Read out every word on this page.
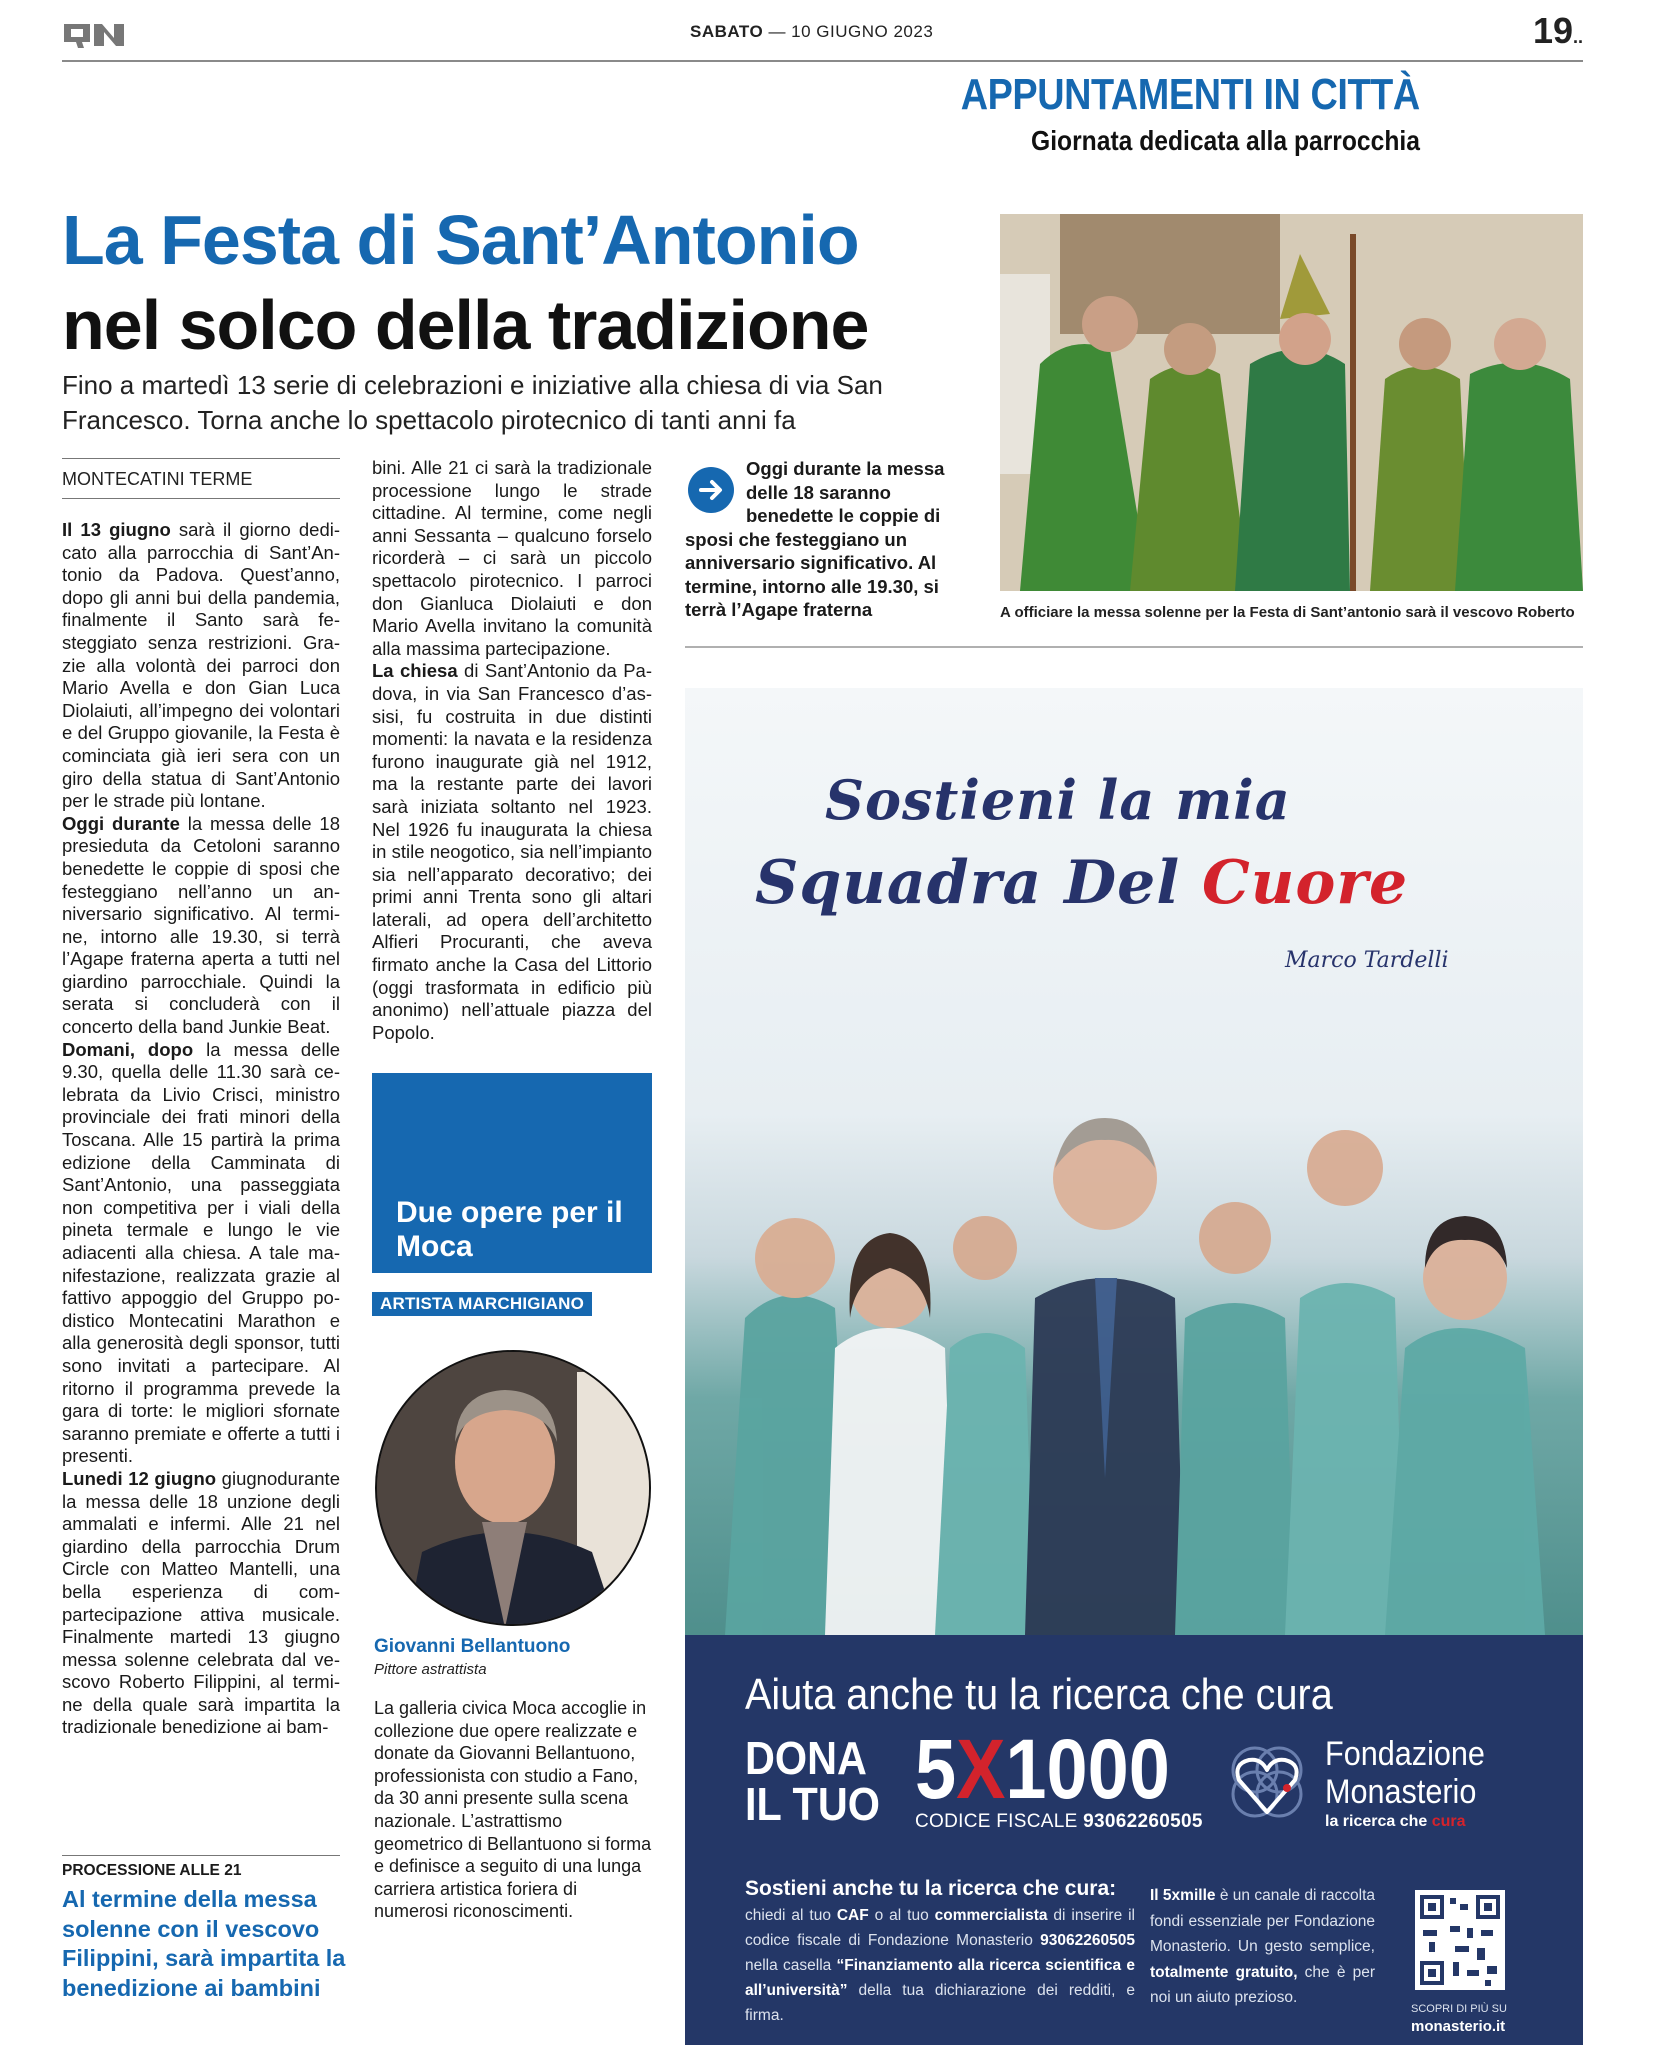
SABATO — 10 GIUGNO 2023	19..
APPUNTAMENTI IN CITTÀ
Giornata dedicata alla parrocchia
La Festa di Sant’Antonio
nel solco della tradizione
Fino a martedì 13 serie di celebrazioni e iniziative alla chiesa di via San Francesco. Torna anche lo spettacolo pirotecnico di tanti anni fa
A officiare la messa solenne per la Festa di Sant’antonio sarà il vescovo Roberto
MONTECATINI TERME

Il 13 giugno sarà il giorno dedicato alla parrocchia di Sant’Antonio da Padova. Quest’anno, dopo gli anni bui della pandemia, finalmente il Santo sarà festeggiato senza restrizioni. Grazie alla volontà dei parroci don Mario Avella e don Gian Luca Diolaiuti, all’impegno dei volontari e del Gruppo giovanile, la Festa è cominciata già ieri sera con un giro della statua di Sant’Antonio per le strade più lontane.

Oggi durante la messa delle 18 presieduta da Cetoloni saranno benedette le coppie di sposi che festeggiano nell’anno un anniversario significativo. Al termine, intorno alle 19.30, si terrà l’Agape fraterna aperta a tutti nel giardino parrocchiale. Quindi la serata si concluderà con il concerto della band Junkie Beat.

Domani, dopo la messa delle 9.30, quella delle 11.30 sarà celebrata da Livio Crisci, ministro provinciale dei frati minori della Toscana. Alle 15 partirà la prima edizione della Camminata di Sant’Antonio, una passeggiata non competitiva per i viali della pineta termale e lungo le vie adiacenti alla chiesa. A tale manifestazione, realizzata grazie al fattivo appoggio del Gruppo podistico Montecatini Marathon e alla generosità degli sponsor, tutti sono invitati a partecipare. Al ritorno il programma prevede la gara di torte: le migliori sfornate saranno premiate e offerte a tutti i presenti.

Lunedi 12 giugno giugnodurante la messa delle 18 unzione degli ammalati e infermi. Alle 21 nel giardino della parrocchia Drum Circle con Matteo Mantelli, una bella esperienza di compartecipazione attiva musicale. Finalmente martedi 13 giugno messa solenne celebrata dal vescovo Roberto Filippini, al termine della quale sarà impartita la tradizionale benedizione ai bam-

PROCESSIONE ALLE 21
Al termine della messa solenne con il vescovo Filippini, sarà impartita la benedizione ai bambini

bini. Alle 21 ci sarà la tradizionale processione lungo le strade cittadine. Al termine, come negli anni Sessanta – qualcuno forselo ricorderà – ci sarà un piccolo spettacolo pirotecnico. I parroci don Gianluca Diolaiuti e don Mario Avella invitano la comunità alla massima partecipazione.

La chiesa di Sant’Antonio da Padova, in via San Francesco d’assisi, fu costruita in due distinti momenti: la navata e la residenza furono inaugurate già nel 1912, ma la restante parte dei lavori sarà iniziata soltanto nel 1923. Nel 1926 fu inaugurata la chiesa in stile neogotico, sia nell’impianto sia nell’apparato decorativo; dei primi anni Trenta sono gli altari laterali, ad opera dell’architetto Alfieri Procuranti, che aveva firmato anche la Casa del Littorio (oggi trasformata in edificio più anonimo) nell’attuale piazza del Popolo.

Due opere per il Moca
ARTISTA MARCHIGIANO
Giovanni Bellantuono
Pittore astrattista
La galleria civica Moca accoglie in collezione due opere realizzate e donate da Giovanni Bellantuono, professionista con studio a Fano, da 30 anni presente sulla scena nazionale. L’astrattismo geometrico di Bellantuono si forma e definisce a seguito di una lunga carriera artistica foriera di numerosi riconoscimenti.
Oggi durante la messa delle 18 saranno benedette le coppie di sposi che festeggiano un anniversario significativo. Al termine, intorno alle 19.30, si terrà l’Agape fraterna
Sostieni la mia
Squadra Del Cuore
Marco Tardelli
Aiuta anche tu la ricerca che cura
DONA
IL TUO 5X1000
CODICE FISCALE 93062260505
Fondazione
Monasterio
la ricerca che cura
Sostieni anche tu la ricerca che cura:
chiedi al tuo CAF o al tuo commercialista di inserire il codice fiscale di Fondazione Monasterio 93062260505 nella casella “Finanziamento alla ricerca scientifica e all’università” della tua dichiarazione dei redditi, e firma.
Il 5xmille è un canale di raccolta fondi essenziale per Fondazione Monasterio. Un gesto semplice, totalmente gratuito, che è per noi un aiuto prezioso.
SCOPRI DI PIÙ SU
monasterio.it
